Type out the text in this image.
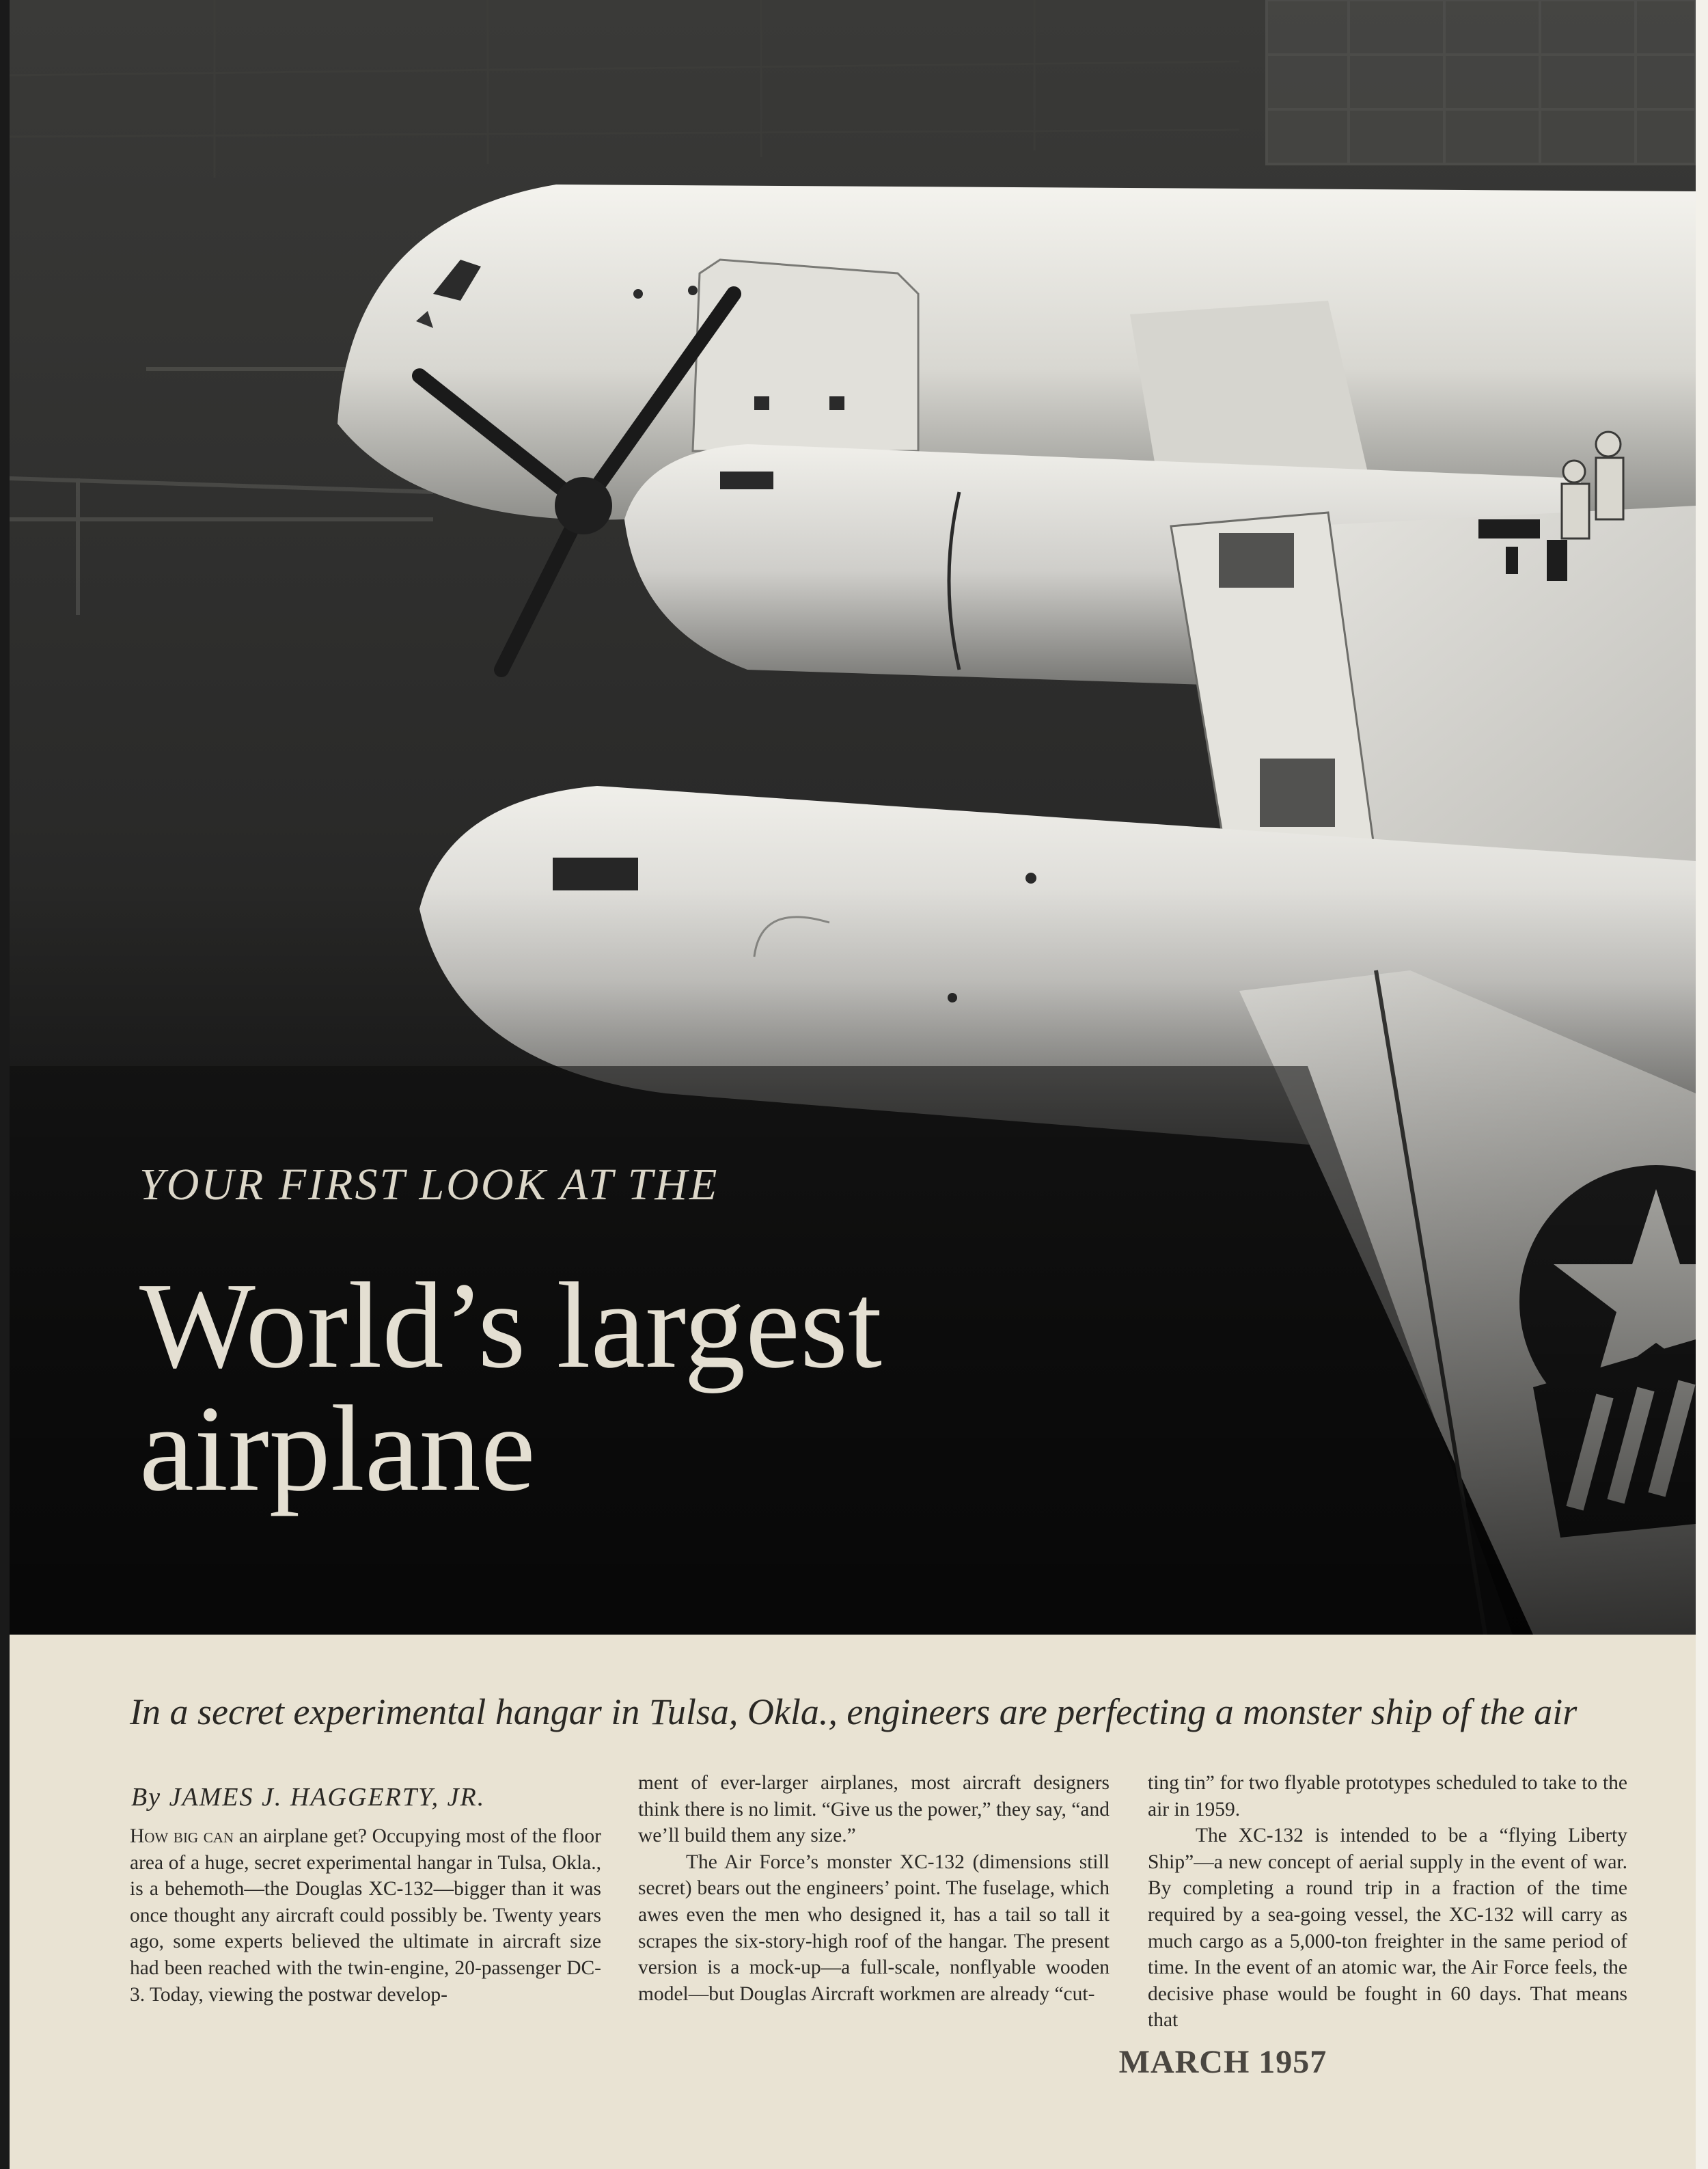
YOUR FIRST LOOK AT THE
World’s largest
airplane
In a secret experimental hangar in Tulsa, Okla., engineers are perfecting a monster ship of the air
By JAMES J. HAGGERTY, JR.

How big can an airplane get? Occupying most of the floor area of a huge, secret experimental hangar in Tulsa, Okla., is a behemoth—the Douglas XC-132—bigger than it was once thought any aircraft could possibly be. Twenty years ago, some experts believed the ultimate in aircraft size had been reached with the twin-engine, 20-passenger DC-3. Today, viewing the postwar develop-

ment of ever-larger airplanes, most aircraft designers think there is no limit. “Give us the power,” they say, “and we’ll build them any size.”

The Air Force’s monster XC-132 (dimensions still secret) bears out the engineers’ point. The fuselage, which awes even the men who designed it, has a tail so tall it scrapes the six-story-high roof of the hangar. The present version is a mock-up—a full-scale, nonflyable wooden model—but Douglas Aircraft workmen are already “cut-

ting tin” for two flyable prototypes scheduled to take to the air in 1959.

The XC-132 is intended to be a “flying Liberty Ship”—a new concept of aerial supply in the event of war. By completing a round trip in a fraction of the time required by a sea-going vessel, the XC-132 will carry as much cargo as a 5,000-ton freighter in the same period of time. In the event of an atomic war, the Air Force feels, the decisive phase would be fought in 60 days. That means that

MARCH 1957
